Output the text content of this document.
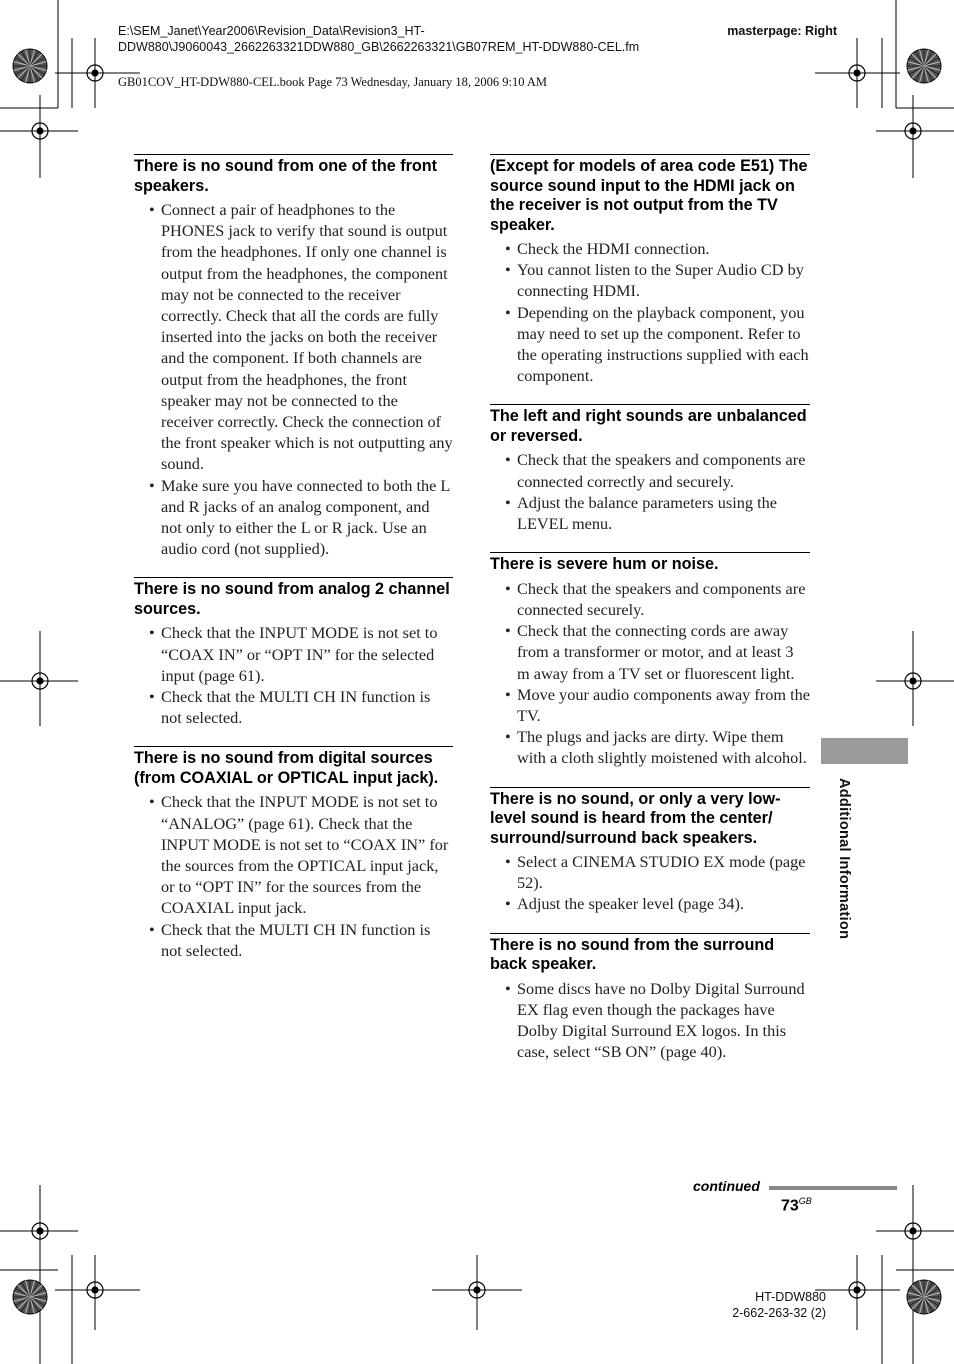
E:\SEM_Janet\Year2006\Revision_Data\Revision3_HT-DDW880\J9060043_2662263321DDW880_GB\2662263321\GB07REM_HT-DDW880-CEL.fm
masterpage: Right
GB01COV_HT-DDW880-CEL.book Page 73 Wednesday, January 18, 2006 9:10 AM
There is no sound from one of the front speakers.
• Connect a pair of headphones to the PHONES jack to verify that sound is output from the headphones. If only one channel is output from the headphones, the component may not be connected to the receiver correctly. Check that all the cords are fully inserted into the jacks on both the receiver and the component. If both channels are output from the headphones, the front speaker may not be connected to the receiver correctly. Check the connection of the front speaker which is not outputting any sound.
• Make sure you have connected to both the L and R jacks of an analog component, and not only to either the L or R jack. Use an audio cord (not supplied).
There is no sound from analog 2 channel sources.
• Check that the INPUT MODE is not set to “COAX IN” or “OPT IN” for the selected input (page 61).
• Check that the MULTI CH IN function is not selected.
There is no sound from digital sources (from COAXIAL or OPTICAL input jack).
• Check that the INPUT MODE is not set to “ANALOG” (page 61). Check that the INPUT MODE is not set to “COAX IN” for the sources from the OPTICAL input jack, or to “OPT IN” for the sources from the COAXIAL input jack.
• Check that the MULTI CH IN function is not selected.
(Except for models of area code E51) The source sound input to the HDMI jack on the receiver is not output from the TV speaker.
• Check the HDMI connection.
• You cannot listen to the Super Audio CD by connecting HDMI.
• Depending on the playback component, you may need to set up the component. Refer to the operating instructions supplied with each component.
The left and right sounds are unbalanced or reversed.
• Check that the speakers and components are connected correctly and securely.
• Adjust the balance parameters using the LEVEL menu.
There is severe hum or noise.
• Check that the speakers and components are connected securely.
• Check that the connecting cords are away from a transformer or motor, and at least 3 m away from a TV set or fluorescent light.
• Move your audio components away from the TV.
• The plugs and jacks are dirty. Wipe them with a cloth slightly moistened with alcohol.
There is no sound, or only a very low-level sound is heard from the center/ surround/surround back speakers.
• Select a CINEMA STUDIO EX mode (page 52).
• Adjust the speaker level (page 34).
There is no sound from the surround back speaker.
• Some discs have no Dolby Digital Surround EX flag even though the packages have Dolby Digital Surround EX logos. In this case, select “SB ON” (page 40).
Additional Information
continued
$73^{GB}$
HT-DDW880
2-662-263-32 (2)
